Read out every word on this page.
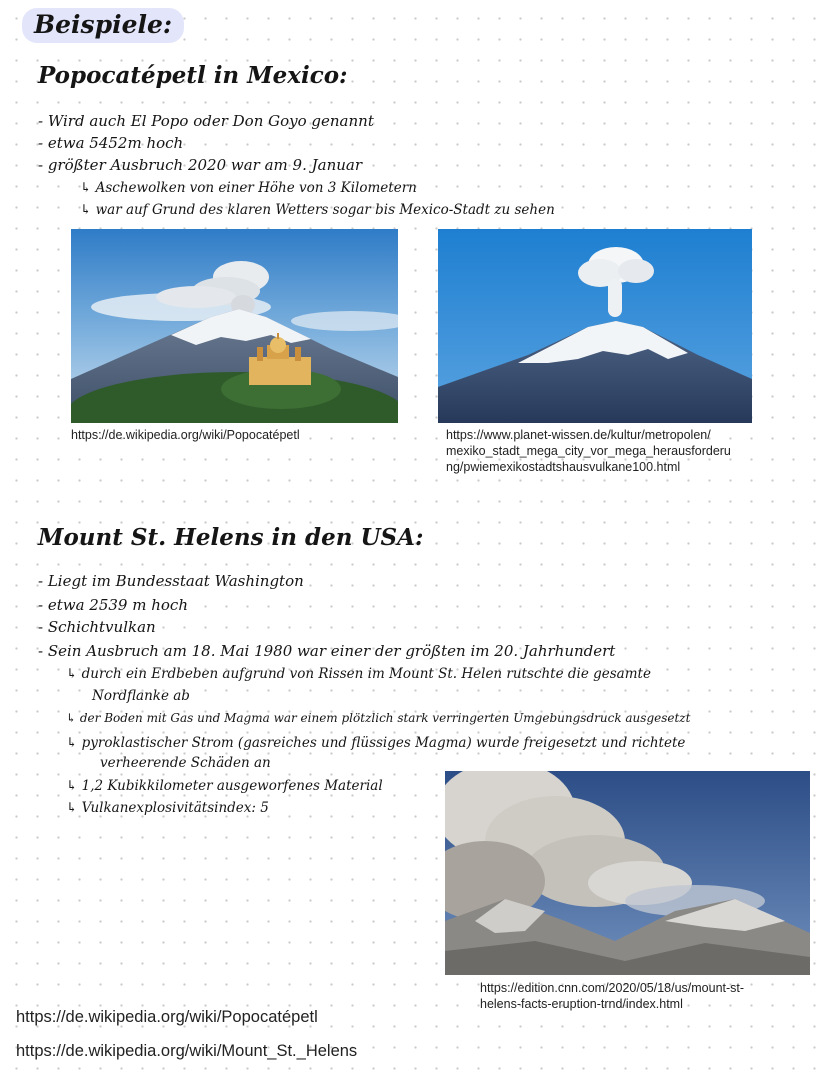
Beispiele:
Popocatépetl in Mexico:
- Wird auch El Popo oder Don Goyo genannt
- etwa 5452m hoch
- größter Ausbruch 2020 war am 9. Januar
↳ Aschewolken von einer Höhe von 3 Kilometern
↳ war auf Grund des klaren Wetters sogar bis Mexico-Stadt zu sehen
https://de.wikipedia.org/wiki/Popocatépetl	https://www.planet-wissen.de/kultur/metropolen/
mexiko_stadt_mega_city_vor_mega_herausforderu
ng/pwiemexikostadtshausvulkane100.html
Mount St. Helens in den USA:
- Liegt im Bundesstaat Washington
- etwa 2539 m hoch
- Schichtvulkan
- Sein Ausbruch am 18. Mai 1980 war einer der größten im 20. Jahrhundert
↳ durch ein Erdbeben aufgrund von Rissen im Mount St. Helen rutschte die gesamte
Nordflanke ab
↳ der Boden mit Gas und Magma war einem plötzlich stark verringerten Umgebungsdruck ausgesetzt
↳ pyroklastischer Strom (gasreiches und flüssiges Magma) wurde freigesetzt und richtete
verheerende Schäden an
↳ 1,2 Kubikkilometer ausgeworfenes Material
↳ Vulkanexplosivitätsindex: 5
https://edition.cnn.com/2020/05/18/us/mount-st-
helens-facts-eruption-trnd/index.html
https://de.wikipedia.org/wiki/Popocatépetl
https://de.wikipedia.org/wiki/Mount_St._Helens
